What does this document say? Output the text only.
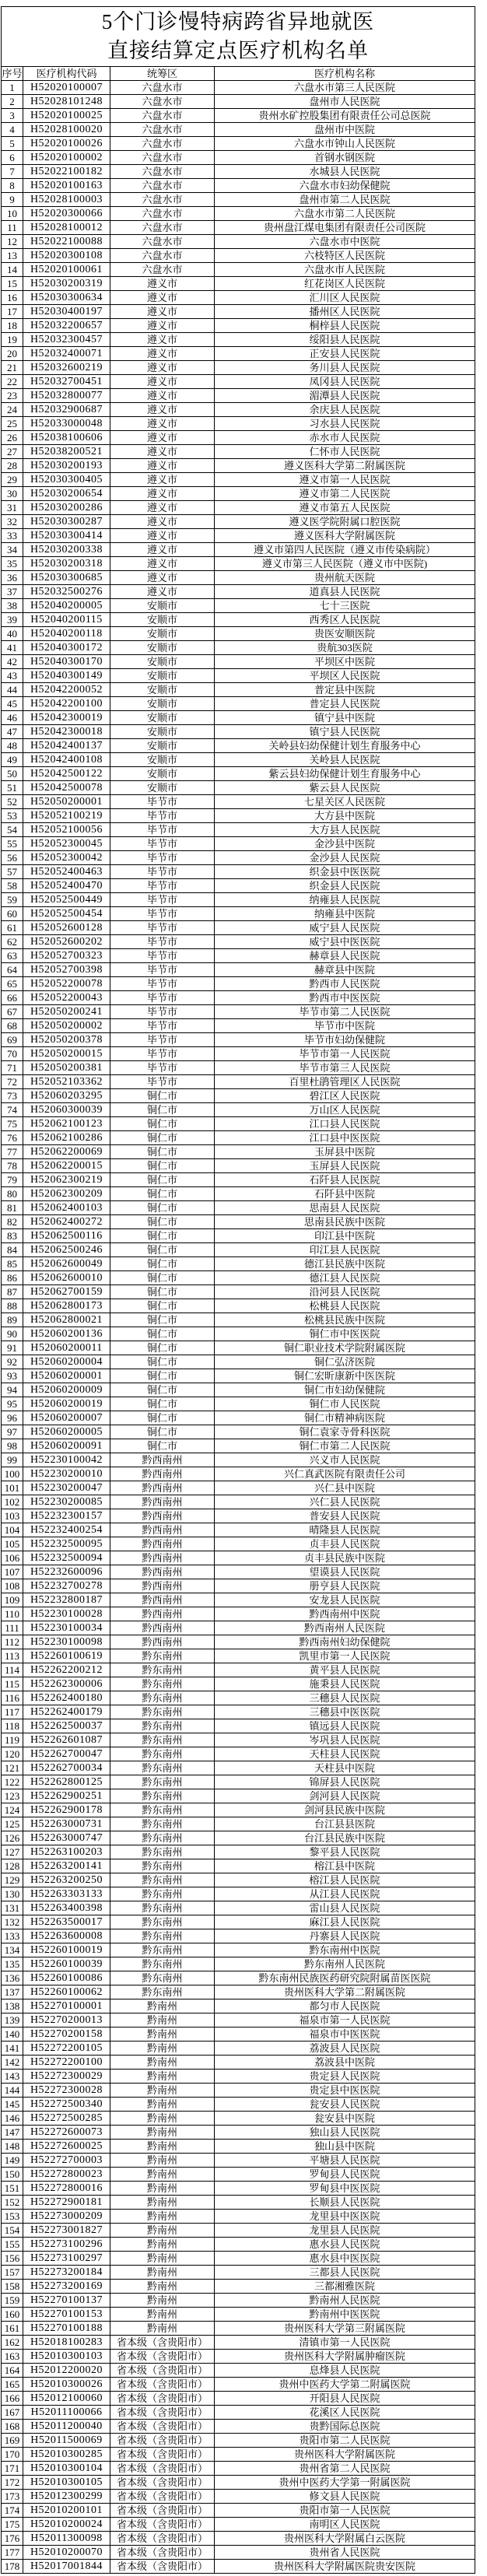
5个门诊慢特病跨省异地就医
直接结算定点医疗机构名单			

序号	医疗机构代码	统筹区	医疗机构名称
1	H52020100007	六盘水市	六盘水市第三人民医院
2	H52028101248	六盘水市	盘州市人民医院
3	H52020100025	六盘水市	贵州水矿控股集团有限责任公司总医院
4	H52028100020	六盘水市	盘州市中医院
5	H52020100026	六盘水市	六盘水市钟山人民医院
6	H52020100002	六盘水市	首钢水钢医院
7	H52022100182	六盘水市	水城县人民医院
8	H52020100163	六盘水市	六盘水市妇幼保健院
9	H52028100003	六盘水市	盘州市第二人民医院
10	H52020300066	六盘水市	六盘水市第二人民医院
11	H52028100012	六盘水市	贵州盘江煤电集团有限责任公司医院
12	H52022100088	六盘水市	六盘水市中医院
13	H52020300108	六盘水市	六枝特区人民医院
14	H52020100061	六盘水市	六盘水市人民医院
15	H52030200319	遵义市	红花岗区人民医院
16	H52030300634	遵义市	汇川区人民医院
17	H52030400197	遵义市	播州区人民医院
18	H52032200657	遵义市	桐梓县人民医院
19	H52032300457	遵义市	绥阳县人民医院
20	H52032400071	遵义市	正安县人民医院
21	H52032600219	遵义市	务川县人民医院
22	H52032700451	遵义市	凤冈县人民医院
23	H52032800077	遵义市	湄潭县人民医院
24	H52032900687	遵义市	余庆县人民医院
25	H52033000048	遵义市	习水县人民医院
26	H52038100606	遵义市	赤水市人民医院
27	H52038200521	遵义市	仁怀市人民医院
28	H52030200193	遵义市	遵义医科大学第二附属医院
29	H52030300405	遵义市	遵义市第一人民医院
30	H52030200654	遵义市	遵义市第二人民医院
31	H52030200286	遵义市	遵义市第五人民医院
32	H52030300287	遵义市	遵义医学院附属口腔医院
33	H52030300414	遵义市	遵义医科大学附属医院
34	H52030200338	遵义市	遵义市第四人民医院（遵义市传染病院）
35	H52030200318	遵义市	遵义市第三人民医院（遵义市中医院)
36	H52030300685	遵义市	贵州航天医院
37	H52032500276	遵义市	道真县人民医院
38	H52040200005	安顺市	七十三医院
39	H52040200115	安顺市	西秀区人民医院
40	H52040200118	安顺市	贵医安顺医院
41	H52040300172	安顺市	贵航303医院
42	H52040300170	安顺市	平坝区中医院
43	H52040300149	安顺市	平坝区人民医院
44	H52042200052	安顺市	普定县中医院
45	H52042200100	安顺市	普定县人民医院
46	H52042300019	安顺市	镇宁县中医院
47	H52042300018	安顺市	镇宁县人民医院
48	H52042400137	安顺市	关岭县妇幼保健计划生育服务中心
49	H52042400108	安顺市	关岭县人民医院
50	H52042500122	安顺市	紫云县妇幼保健计划生育服务中心
51	H52042500078	安顺市	紫云县人民医院
52	H52050200001	毕节市	七星关区人民医院
53	H52052100219	毕节市	大方县中医院
54	H52052100056	毕节市	大方县人民医院
55	H52052300045	毕节市	金沙县中医院
56	H52052300042	毕节市	金沙县人民医院
57	H52052400463	毕节市	织金县中医医院
58	H52052400470	毕节市	织金县人民医院
59	H52052500449	毕节市	纳雍县人民医院
60	H52052500454	毕节市	纳雍县中医院
61	H52052600128	毕节市	威宁县人民医院
62	H52052600202	毕节市	威宁县中医医院
63	H52052700323	毕节市	赫章县人民医院
64	H52052700398	毕节市	赫章县中医院
65	H52052200078	毕节市	黔西市人民医院
66	H52052200043	毕节市	黔西市中医医院
67	H52050200241	毕节市	毕节市第二人民医院
68	H52050200002	毕节市	毕节市中医院
69	H52050200378	毕节市	毕节市妇幼保健院
70	H52050200015	毕节市	毕节市第一人民医院
71	H52050200381	毕节市	毕节市第三人民医院
72	H52052103362	毕节市	百里杜鹃管理区人民医院
73	H52060203295	铜仁市	碧江区人民医院
74	H52060300039	铜仁市	万山区人民医院
75	H52062100123	铜仁市	江口县人民医院
76	H52062100286	铜仁市	江口县中医医院
77	H52062200069	铜仁市	玉屏县中医院
78	H52062200015	铜仁市	玉屏县人民医院
79	H52062300219	铜仁市	石阡县人民医院
80	H52062300209	铜仁市	石阡县中医院
81	H52062400103	铜仁市	思南县人民医院
82	H52062400272	铜仁市	思南县民族中医院
83	H52062500116	铜仁市	印江县中医院
84	H52062500246	铜仁市	印江县人民医院
85	H52062600049	铜仁市	德江县民族中医院
86	H52062600010	铜仁市	德江县人民医院
87	H52062700159	铜仁市	沿河县人民医院
88	H52062800173	铜仁市	松桃县人民医院
89	H52062800021	铜仁市	松桃县民族中医院
90	H52060200136	铜仁市	铜仁市中医医院
91	H52060200011	铜仁市	铜仁职业技术学院附属医院
92	H52060200004	铜仁市	铜仁弘济医院
93	H52060200001	铜仁市	铜仁宏昕康新中医医院
94	H52060200009	铜仁市	铜仁市妇幼保健院
95	H52060200019	铜仁市	铜仁市人民医院
96	H52060200007	铜仁市	铜仁市精神病医院
97	H52060200005	铜仁市	铜仁袁家寺骨科医院
98	H52060200091	铜仁市	铜仁市第二人民医院
99	H52230100042	黔西南州	兴义市人民医院
100	H52230200010	黔西南州	兴仁真武医院有限责任公司
101	H52230200047	黔西南州	兴仁县中医院
102	H52230200085	黔西南州	兴仁县人民医院
103	H52232300157	黔西南州	普安县人民医院
104	H52232400254	黔西南州	晴隆县人民医院
105	H52232500095	黔西南州	贞丰县人民医院
106	H52232500094	黔西南州	贞丰县民族中医院
107	H52232600096	黔西南州	望谟县人民医院
108	H52232700278	黔西南州	册亨县人民医院
109	H52232800187	黔西南州	安龙县人民医院
110	H52230100028	黔西南州	黔西南州中医院
111	H52230100034	黔西南州	黔西南州人民医院
112	H52230100098	黔西南州	黔西南州妇幼保健院
113	H52260100619	黔东南州	凯里市第一人民医院
114	H52262200212	黔东南州	黄平县人民医院
115	H52262300006	黔东南州	施秉县人民医院
116	H52262400180	黔东南州	三穗县人民医院
117	H52262400179	黔东南州	三穗县中医医院
118	H52262500037	黔东南州	镇远县人民医院
119	H52262601087	黔东南州	岑巩县人民医院
120	H52262700047	黔东南州	天柱县人民医院
121	H52262700034	黔东南州	天柱县中医院
122	H52262800125	黔东南州	锦屏县人民医院
123	H52262900251	黔东南州	剑河县人民医院
124	H52262900178	黔东南州	剑河县民族中医院
125	H52263000731	黔东南州	台江县县医院
126	H52263000747	黔东南州	台江县民族中医院
127	H52263100203	黔东南州	黎平县人民医院
128	H52263200141	黔东南州	榕江县中医院
129	H52263200250	黔东南州	榕江县人民医院
130	H52263303133	黔东南州	从江县人民医院
131	H52263400398	黔东南州	雷山县人民医院
132	H52263500017	黔东南州	麻江县人民医院
133	H52263600008	黔东南州	丹寨县人民医院
134	H52260100019	黔东南州	黔东南州中医院
135	H52260100039	黔东南州	黔东南州人民医院
136	H52260100086	黔东南州	黔东南州民族医药研究院附属苗医医院
137	H52260100062	黔东南州	贵州医科大学第二附属医院
138	H52270100001	黔南州	都匀市人民医院
139	H52270200013	黔南州	福泉市第一人民医院
140	H52270200158	黔南州	福泉市中医医院
141	H52272200105	黔南州	荔波县人民医院
142	H52272200100	黔南州	荔波县中医院
143	H52272300029	黔南州	贵定县人民医院
144	H52272300028	黔南州	贵定县中医医院
145	H52272500340	黔南州	瓮安县人民医院
146	H52272500285	黔南州	瓮安县中医院
147	H52272600073	黔南州	独山县人民医院
148	H52272600025	黔南州	独山县中医院
149	H52272700003	黔南州	平塘县人民医院
150	H52272800023	黔南州	罗甸县人民医院
151	H52272800016	黔南州	罗甸县中医医院
152	H52272900181	黔南州	长顺县人民医院
153	H52273000209	黔南州	龙里县中医医院
154	H52273001827	黔南州	龙里县人民医院
155	H52273100296	黔南州	惠水县人民医院
156	H52273100297	黔南州	惠水县中医医院
157	H52273200184	黔南州	三都县人民医院
158	H52273200169	黔南州	三都湘雅医院
159	H52270100137	黔南州	黔南州人民医院
160	H52270100153	黔南州	黔南州中医医院
161	H52270100188	黔南州	贵州医科大学第三附属医院
162	H52018100283	省本级（含贵阳市）	清镇市第一人民医院
163	H52010300103	省本级（含贵阳市）	贵州医科大学附属肿瘤医院
164	H52012200020	省本级（含贵阳市）	息烽县人民医院
165	H52010300026	省本级（含贵阳市）	贵州中医药大学第二附属医院
166	H52012100060	省本级（含贵阳市）	开阳县人民医院
167	H52011100066	省本级（含贵阳市）	花溪区人民医院
168	H52011200040	省本级（含贵阳市）	贵黔国际总医院
169	H52011500069	省本级（含贵阳市）	贵阳市第二人民医院
170	H52010300285	省本级（含贵阳市）	贵州医科大学附属医院
171	H52010300104	省本级（含贵阳市）	贵州省第二人民医院
172	H52010300105	省本级（含贵阳市）	贵州中医药大学第一附属医院
173	H52012300299	省本级（含贵阳市）	修文县人民医院
174	H52010200101	省本级（含贵阳市）	贵阳市第一人民医院
175	H52010200024	省本级（含贵阳市）	南明区人民医院
176	H52011300098	省本级（含贵阳市）	贵州医科大学附属白云医院
177	H52010200070	省本级（含贵阳市）	贵州省人民医院
178	H52017001844	省本级（含贵阳市）	贵州医科大学附属医院贵安医院
